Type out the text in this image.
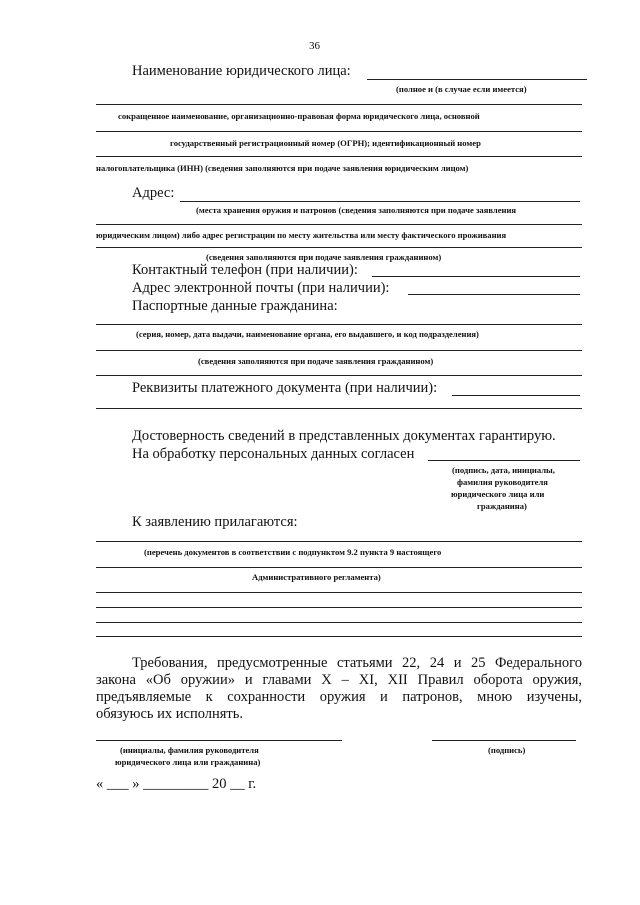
36
Наименование юридического лица:
(полное и (в случае если имеется)
сокращенное наименование, организационно-правовая форма юридического лица, основной
государственный регистрационный номер (ОГРН); идентификационный номер
налогоплательщика (ИНН) (сведения заполняются при подаче заявления юридическим лицом)
Адрес:
(места хранения оружия и патронов (сведения заполняются при подаче заявления
юридическим лицом) либо адрес регистрации по месту жительства или месту фактического проживания
(сведения заполняются при подаче заявления гражданином)
Контактный телефон (при наличии):
Адрес электронной почты (при наличии):
Паспортные данные гражданина:
(серия, номер, дата выдачи, наименование органа, его выдавшего, и код подразделения)
(сведения заполняются при подаче заявления гражданином)
Реквизиты платежного документа (при наличии):
Достоверность сведений в представленных документах гарантирую.
На обработку персональных данных согласен
(подпись, дата, инициалы,
фамилия руководителя
юридического лица или
гражданина)
К заявлению прилагаются:
(перечень документов в соответствии с подпунктом 9.2 пункта 9 настоящего
Административного регламента)
Требования, предусмотренные статьями 22, 24 и 25 Федерального
закона «Об оружии» и главами X – XI, XII Правил оборота оружия,
предъявляемые к сохранности оружия и патронов, мною изучены,
обязуюсь их исполнять.
(инициалы, фамилия руководителя
юридического лица или гражданина)
(подпись)
« ___ » _________ 20 __ г.
